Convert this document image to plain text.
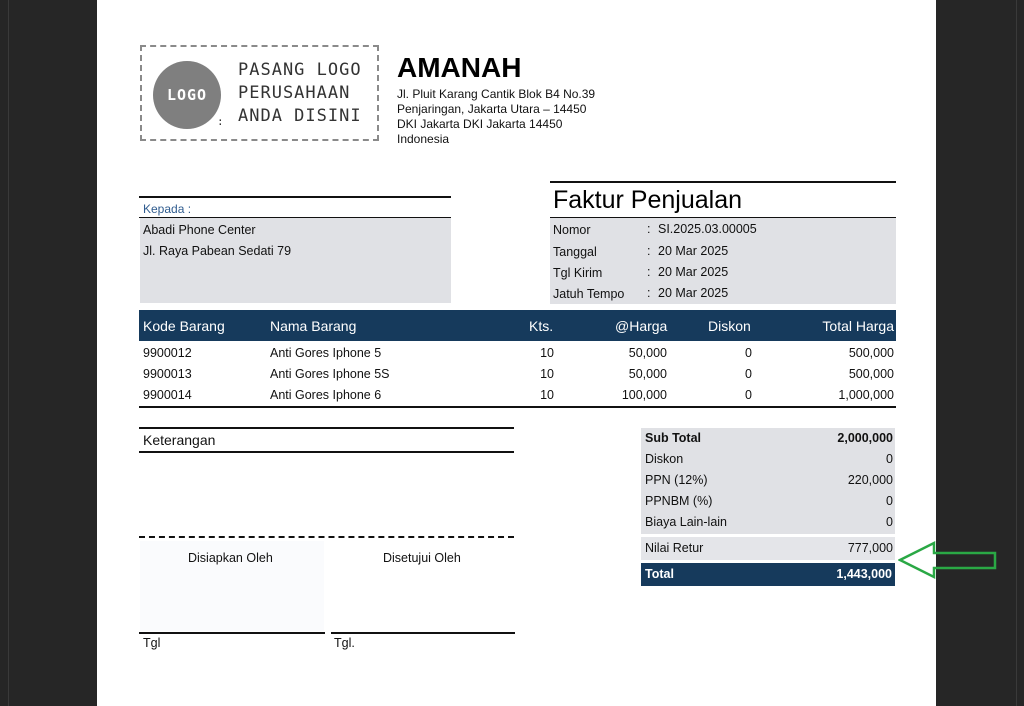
LOGO
:
PASANG LOGO
PERUSAHAAN
ANDA DISINI
AMANAH
Jl. Pluit Karang Cantik Blok B4 No.39
Penjaringan, Jakarta Utara – 14450
DKI Jakarta DKI Jakarta 14450
Indonesia
Kepada :
Abadi Phone Center
Jl. Raya Pabean Sedati 79
Faktur Penjualan
Nomor	: SI.2025.03.00005
Tanggal	: 20 Mar 2025
Tgl Kirim	: 20 Mar 2025
Jatuh Tempo : 20 Mar 2025
Kode Barang	Nama Barang	Kts.	@Harga	Diskon	Total Harga
9900012	Anti Gores Iphone 5	10	50,000	0	500,000
9900013	Anti Gores Iphone 5S	10	50,000	0	500,000
9900014	Anti Gores Iphone 6	10	100,000	0	1,000,000
Keterangan
Disiapkan Oleh	Disetujui Oleh
Tgl	Tgl.
Sub Total	2,000,000
Diskon	0
PPN (12%)	220,000
PPNBM (%)	0
Biaya Lain-lain	0
Nilai Retur	777,000
Total	1,443,000
